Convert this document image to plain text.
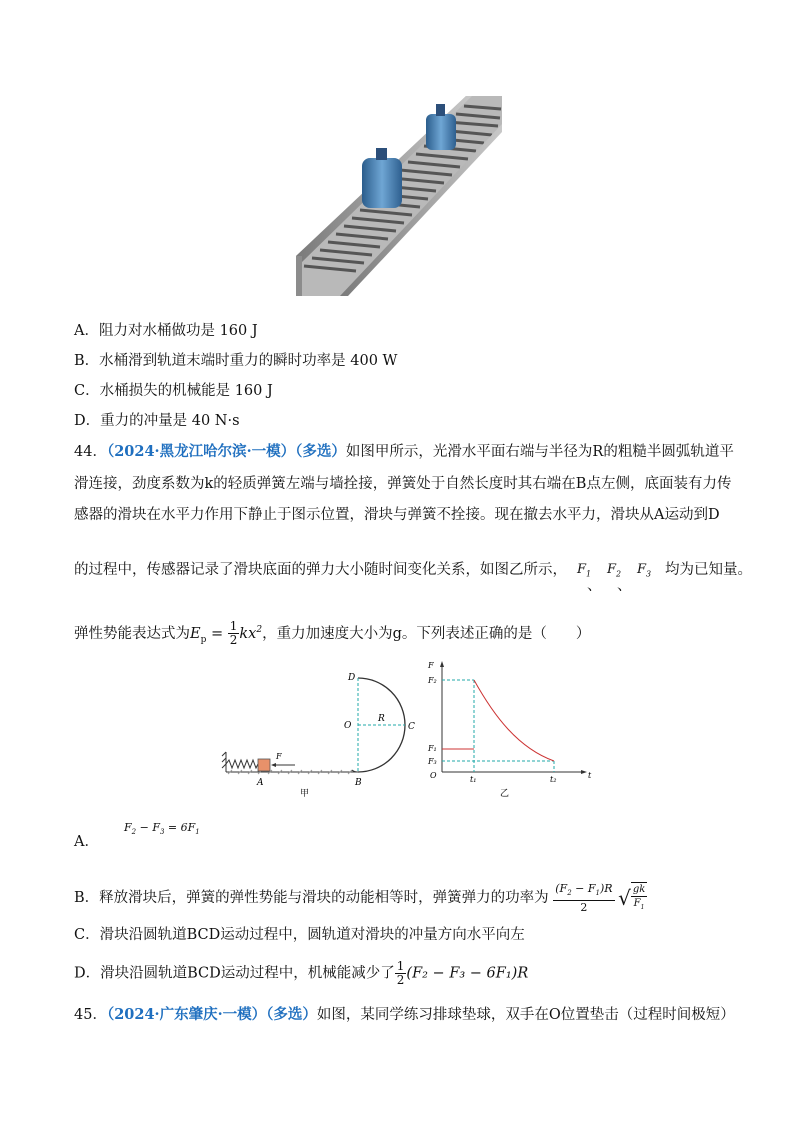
A．阻力对水桶做功是 160 J
B．水桶滑到轨道末端时重力的瞬时功率是 400 W
C．水桶损失的机械能是 160 J
D．重力的冲量是 40 N·s
44．（2024·黑龙江哈尔滨·一模）（多选）如图甲所示，光滑水平面右端与半径为R的粗糙半圆弧轨道平
滑连接，劲度系数为k的轻质弹簧左端与墙拴接，弹簧处于自然长度时其右端在B点左侧，底面装有力传
感器的滑块在水平力作用下静止于图示位置，滑块与弹簧不拴接。现在撤去水平力，滑块从A运动到D
的过程中，传感器记录了滑块底面的弹力大小随时间变化关系，如图乙所示， $F_1$
、
$F_2$
、
$F_3$ 均为已知量。
弹性势能表达式为$E_p = \frac{1}{2} kx^2$，重力加速度大小为g。下列表述正确的是（　　）
D
O
R
C
F
A	B
甲
F
t
O
F₂
F₁
F₃
t₁	t₂
乙
A．
$F_2 - F_3 = 6F_1$
B．释放滑块后，弹簧的弹性势能与滑块的动能相等时，弹簧弹力的功率为 $\frac{(F_2 - F_1)R}{2}$ √ $\frac{gk}{F_1}$
C．滑块沿圆轨道BCD运动过程中，圆轨道对滑块的冲量方向水平向左
D．滑块沿圆轨道BCD运动过程中，机械能减少了 $\frac{1}{2} (F_2 - F_3 - 6F_1)R$
45．（2024·广东肇庆·一模）（多选）如图，某同学练习排球垫球，双手在O位置垫击（过程时间极短）
